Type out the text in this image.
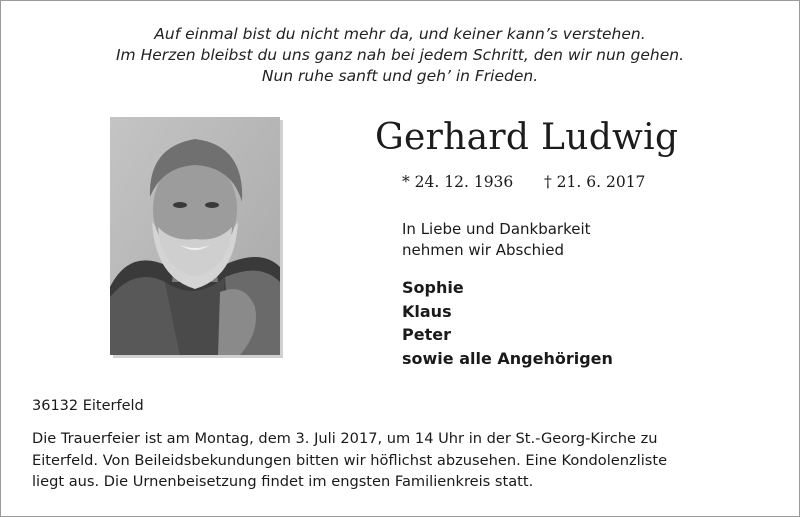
Auf einmal bist du nicht mehr da, und keiner kann’s verstehen.
Im Herzen bleibst du uns ganz nah bei jedem Schritt, den wir nun gehen.
Nun ruhe sanft und geh’ in Frieden.
Gerhard Ludwig
* 24. 12. 1936 † 21. 6. 2017
In Liebe und Dankbarkeit
nehmen wir Abschied
Sophie
Klaus
Peter
sowie alle Angehörigen
36132 Eiterfeld
Die Trauerfeier ist am Montag, dem 3. Juli 2017, um 14 Uhr in der St.-Georg-Kirche zu
Eiterfeld. Von Beileidsbekundungen bitten wir höflichst abzusehen. Eine Kondolenzliste
liegt aus. Die Urnenbeisetzung findet im engsten Familienkreis statt.
